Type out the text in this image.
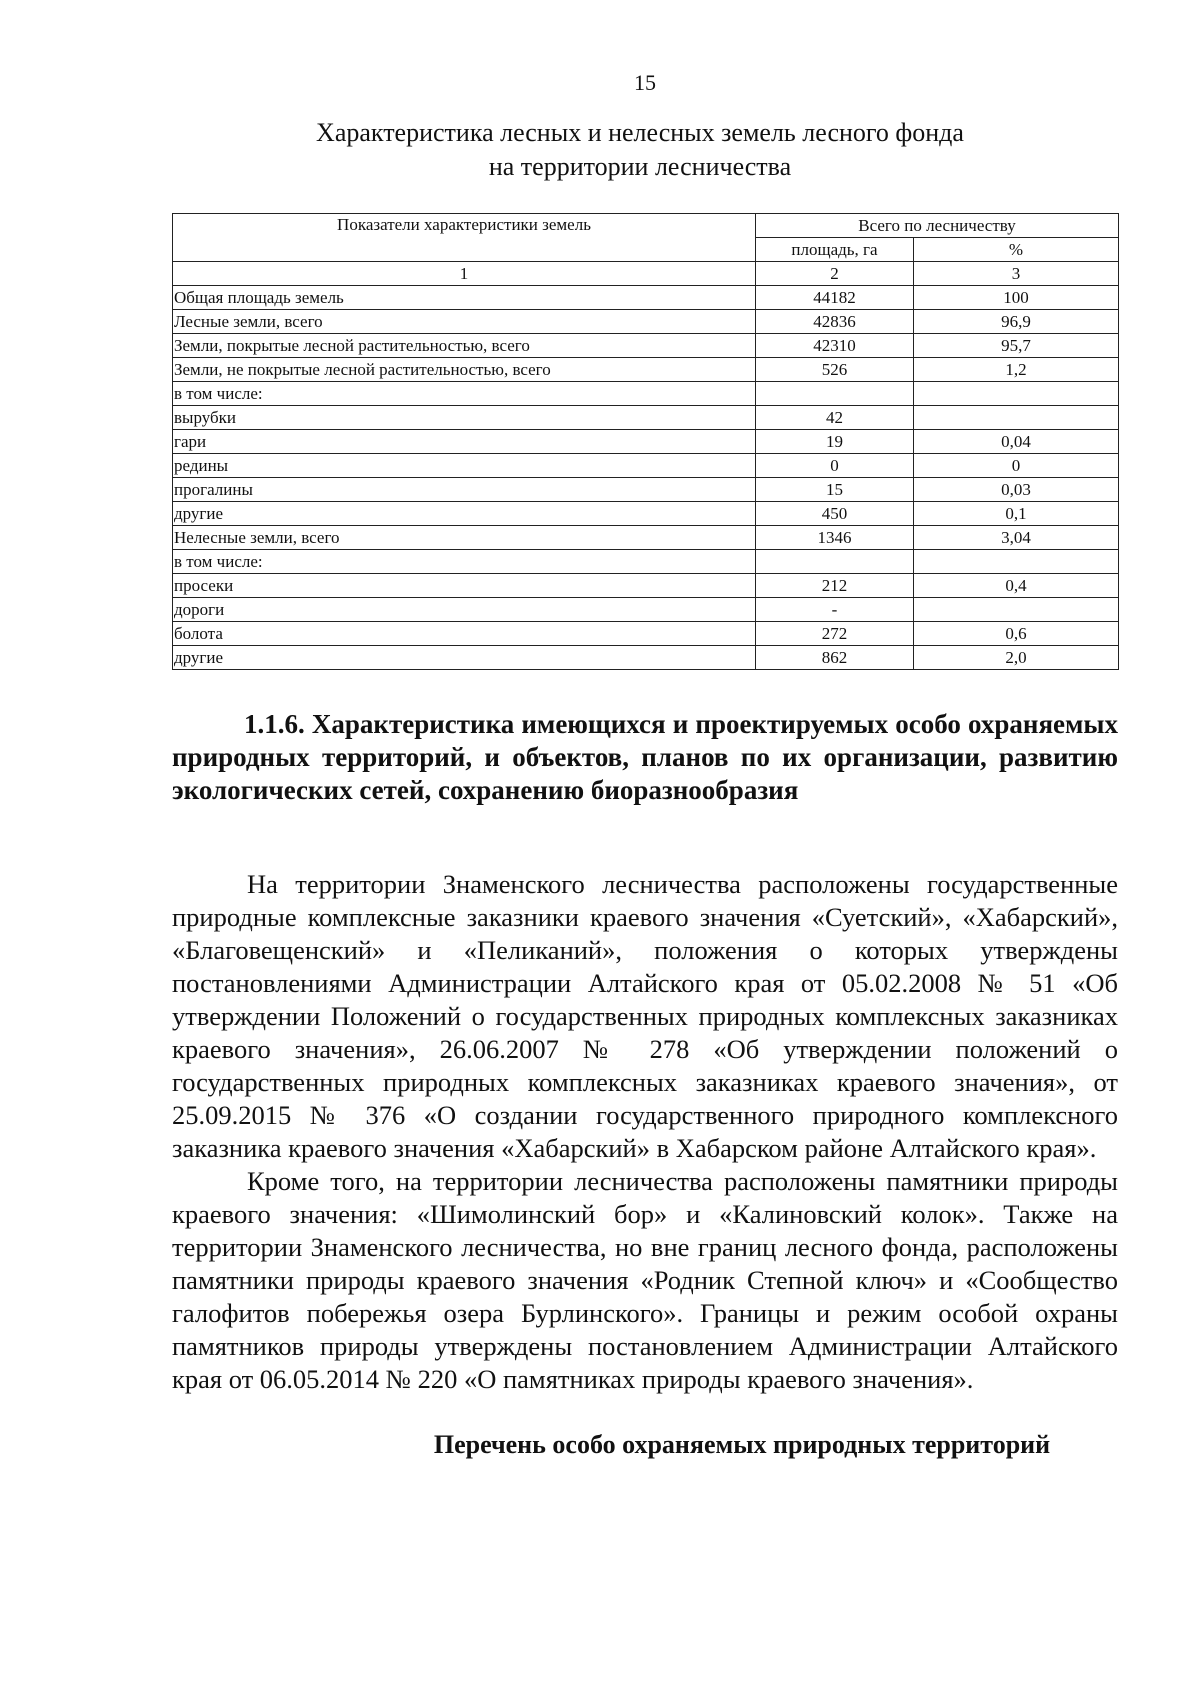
15
Характеристика лесных и нелесных земель лесного фонда
на территории лесничества
Показатели характеристики земель	Всего по лесничеству	
	площадь, га	%
1	2	3
Общая площадь земель	44182	100
Лесные земли, всего	42836	96,9
Земли, покрытые лесной растительностью, всего	42310	95,7
Земли, не покрытые лесной растительностью, всего	526	1,2
в том числе:		
вырубки	42	
гари	19	0,04
редины	0	0
прогалины	15	0,03
другие	450	0,1
Нелесные земли, всего	1346	3,04
в том числе:		
просеки	212	0,4
дороги	-	
болота	272	0,6
другие	862	2,0
1.1.6. Характеристика имеющихся и проектируемых особо охраняемых природных территорий, и объектов, планов по их организации, развитию экологических сетей, сохранению биоразнообразия

На территории Знаменского лесничества расположены государственные природные комплексные заказники краевого значения «Суетский», «Хабарский», «Благовещенский» и «Пеликаний», положения о которых утверждены постановлениями Администрации Алтайского края от 05.02.2008 № 51 «Об утверждении Положений о государственных природных комплексных заказниках краевого значения», 26.06.2007 № 278 «Об утверждении положений о государственных природных комплексных заказниках краевого значения», от 25.09.2015 № 376 «О создании государственного природного комплексного заказника краевого значения «Хабарский» в Хабарском районе Алтайского края».

Кроме того, на территории лесничества расположены памятники природы краевого значения: «Шимолинский бор» и «Калиновский колок». Также на территории Знаменского лесничества, но вне границ лесного фонда, расположены памятники природы краевого значения «Родник Степной ключ» и «Сообщество галофитов побережья озера Бурлинского». Границы и режим особой охраны памятников природы утверждены постановлением Администрации Алтайского края от 06.05.2014 № 220 «О памятниках природы краевого значения».

Перечень особо охраняемых природных территорий
